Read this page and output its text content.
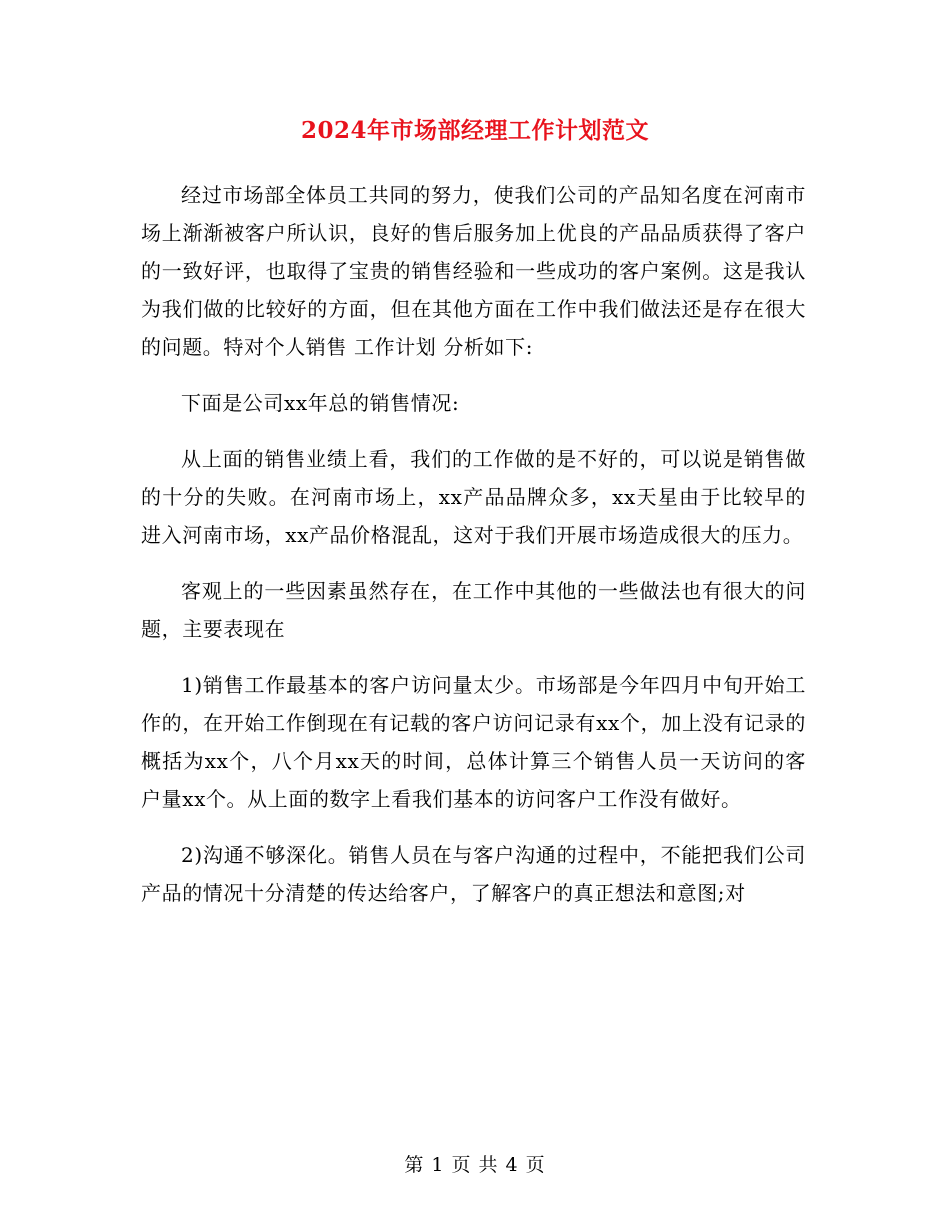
2024年市场部经理工作计划范文

经过市场部全体员工共同的努力，使我们公司的产品知名度在河南市场上渐渐被客户所认识，良好的售后服务加上优良的产品品质获得了客户的一致好评，也取得了宝贵的销售经验和一些成功的客户案例。这是我认为我们做的比较好的方面，但在其他方面在工作中我们做法还是存在很大的问题。特对个人销售 工作计划 分析如下:

下面是公司xx年总的销售情况:

从上面的销售业绩上看，我们的工作做的是不好的，可以说是销售做的十分的失败。在河南市场上，xx产品品牌众多，xx天星由于比较早的进入河南市场，xx产品价格混乱，这对于我们开展市场造成很大的压力。

客观上的一些因素虽然存在，在工作中其他的一些做法也有很大的问题，主要表现在

1)销售工作最基本的客户访问量太少。市场部是今年四月中旬开始工作的，在开始工作倒现在有记载的客户访问记录有xx个，加上没有记录的概括为xx个，八个月xx天的时间，总体计算三个销售人员一天访问的客户量xx个。从上面的数字上看我们基本的访问客户工作没有做好。

2)沟通不够深化。销售人员在与客户沟通的过程中，不能把我们公司产品的情况十分清楚的传达给客户，了解客户的真正想法和意图;对

第 1 页 共 4 页
